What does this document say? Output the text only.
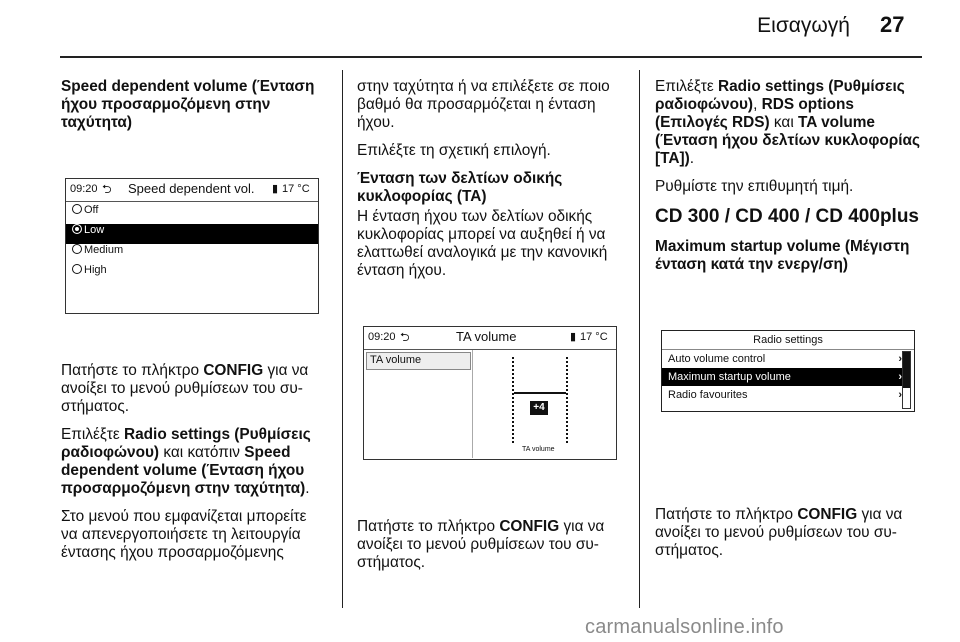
Εισαγωγή 27

Speed dependent volume (Ένταση ήχου προσαρμοζόμενη στην ταχύτητα)

09:20 ⮌ Speed dependent vol. ▮ 17 °C
Off
Low
Medium
High

Πατήστε το πλήκτρο CONFIG για να ανοίξει το μενού ρυθμίσεων του συ-στήματος.

Επιλέξτε Radio settings (Ρυθμίσεις ραδιοφώνου) και κατόπιν Speed dependent volume (Ένταση ήχου προσαρμοζόμενη στην ταχύτητα).

Στο μενού που εμφανίζεται μπορείτε να απενεργοποιήσετε τη λειτουργία έντασης ήχου προσαρμοζόμενης

στην ταχύτητα ή να επιλέξετε σε ποιο βαθμό θα προσαρμόζεται η ένταση ήχου.

Επιλέξτε τη σχετική επιλογή.

Ένταση των δελτίων οδικής κυκλοφορίας (TA)

Η ένταση ήχου των δελτίων οδικής κυκλοφορίας μπορεί να αυξηθεί ή να ελαττωθεί αναλογικά με την κανονική ένταση ήχου.

09:20 ⮌	TA volume	▮ 17 °C
TA volume
+4
TA volume

Πατήστε το πλήκτρο CONFIG για να ανοίξει το μενού ρυθμίσεων του συ-στήματος.

Επιλέξτε Radio settings (Ρυθμίσεις ραδιοφώνου), RDS options (Επιλογές RDS) και TA volume (Ένταση ήχου δελτίων κυκλοφορίας [TA]).

Ρυθμίστε την επιθυμητή τιμή.

CD 300 / CD 400 / CD 400plus

Maximum startup volume (Μέγιστη ένταση κατά την ενεργ/ση)

Radio settings
Auto volume control	›
Maximum startup volume	›
Radio favourites	›

Πατήστε το πλήκτρο CONFIG για να ανοίξει το μενού ρυθμίσεων του συ-στήματος.

carmanualsonline.info
